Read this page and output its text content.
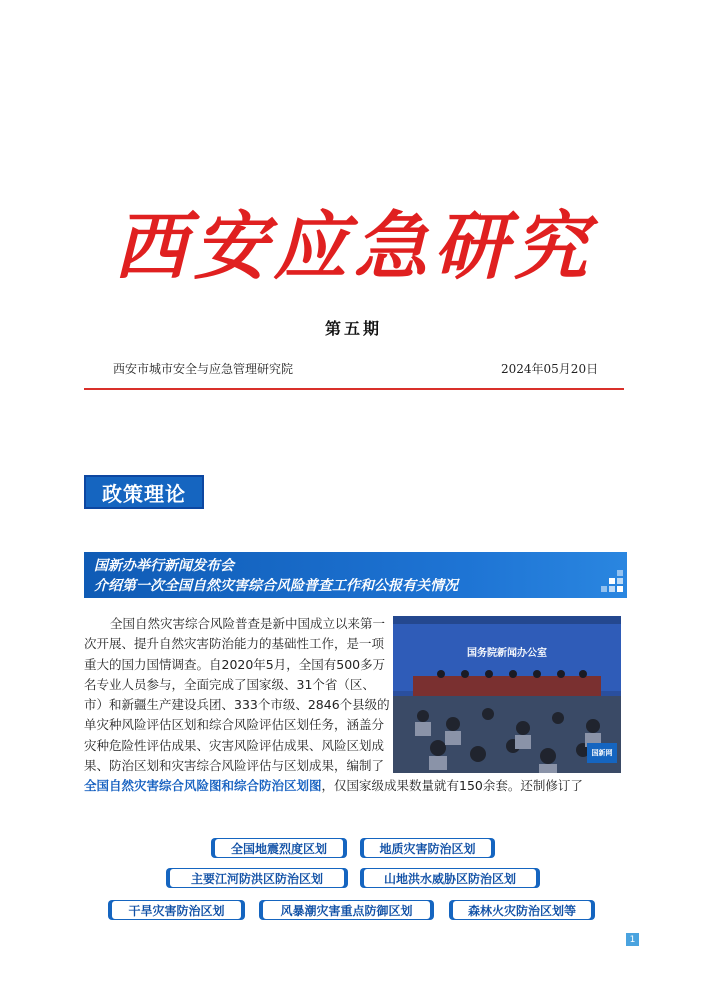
西安应急研究
第五期
西安市城市安全与应急管理研究院	2024年05月20日
政策理论
国新办举行新闻发布会
介绍第一次全国自然灾害综合风险普查工作和公报有关情况
国务院新闻办公室
国新网
全国自然灾害综合风险普查是新中国成立以来第一次开展、提升自然灾害防治能力的基础性工作，是一项重大的国力国情调查。自2020年5月，全国有500多万名专业人员参与，全面完成了国家级、31个省（区、市）和新疆生产建设兵团、333个市级、2846个县级的单灾种风险评估区划和综合风险评估区划任务，涵盖分灾种危险性评估成果、灾害风险评估成果、风险区划成果、防治区划和灾害综合风险评估与区划成果，编制了全国自然灾害综合风险图和综合防治区划图，仅国家级成果数量就有150余套。还制修订了
全国地震烈度区划	地质灾害防治区划
主要江河防洪区防治区划	山地洪水威胁区防治区划
干旱灾害防治区划	风暴潮灾害重点防御区划	森林火灾防治区划等
1
